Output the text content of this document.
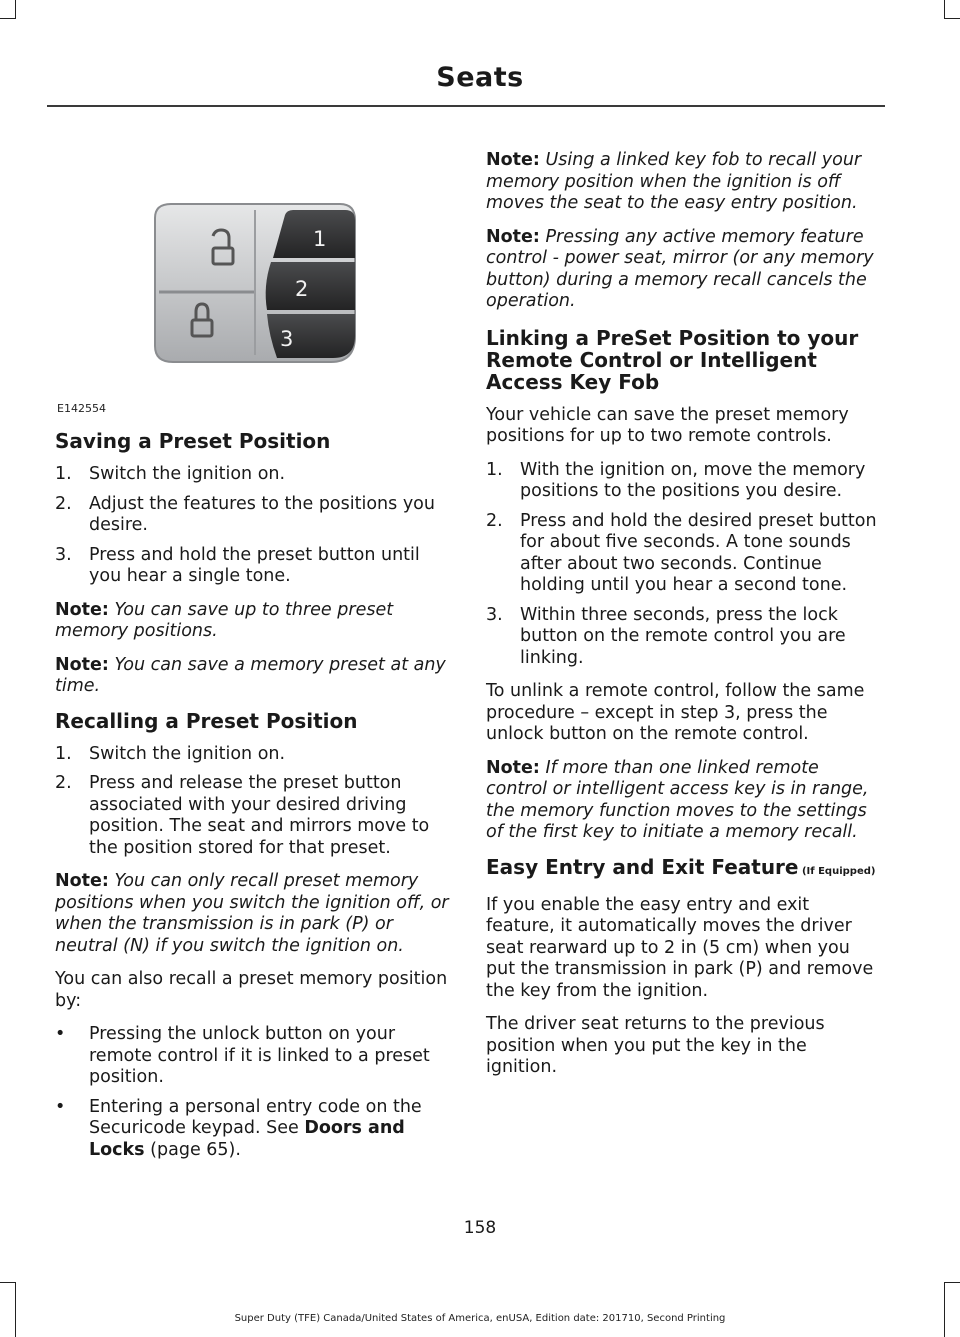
Seats
1
2
3
E142554
Saving a Preset Position
1. Switch the ignition on.
2. Adjust the features to the positions you desire.
3. Press and hold the preset button until you hear a single tone.

Note: You can save up to three preset memory positions.

Note: You can save a memory preset at any time.

Recalling a Preset Position
1. Switch the ignition on.
2. Press and release the preset button associated with your desired driving position. The seat and mirrors move to the position stored for that preset.

Note: You can only recall preset memory positions when you switch the ignition off, or when the transmission is in park (P) or neutral (N) if you switch the ignition on.

You can also recall a preset memory position by:

• Pressing the unlock button on your remote control if it is linked to a preset position.
• Entering a personal entry code on the Securicode keypad. See Doors and Locks (page 65).

Note: Using a linked key fob to recall your memory position when the ignition is off moves the seat to the easy entry position.

Note: Pressing any active memory feature control - power seat, mirror (or any memory button) during a memory recall cancels the operation.

Linking a PreSet Position to your Remote Control or Intelligent Access Key Fob

Your vehicle can save the preset memory positions for up to two remote controls.

1. With the ignition on, move the memory positions to the positions you desire.
2. Press and hold the desired preset button for about five seconds. A tone sounds after about two seconds. Continue holding until you hear a second tone.
3. Within three seconds, press the lock button on the remote control you are linking.

To unlink a remote control, follow the same procedure – except in step 3, press the unlock button on the remote control.

Note: If more than one linked remote control or intelligent access key is in range, the memory function moves to the settings of the first key to initiate a memory recall.

Easy Entry and Exit Feature (If Equipped)

If you enable the easy entry and exit feature, it automatically moves the driver seat rearward up to 2 in (5 cm) when you put the transmission in park (P) and remove the key from the ignition.

The driver seat returns to the previous position when you put the key in the ignition.

158
Super Duty (TFE) Canada/United States of America, enUSA, Edition date: 201710, Second Printing
